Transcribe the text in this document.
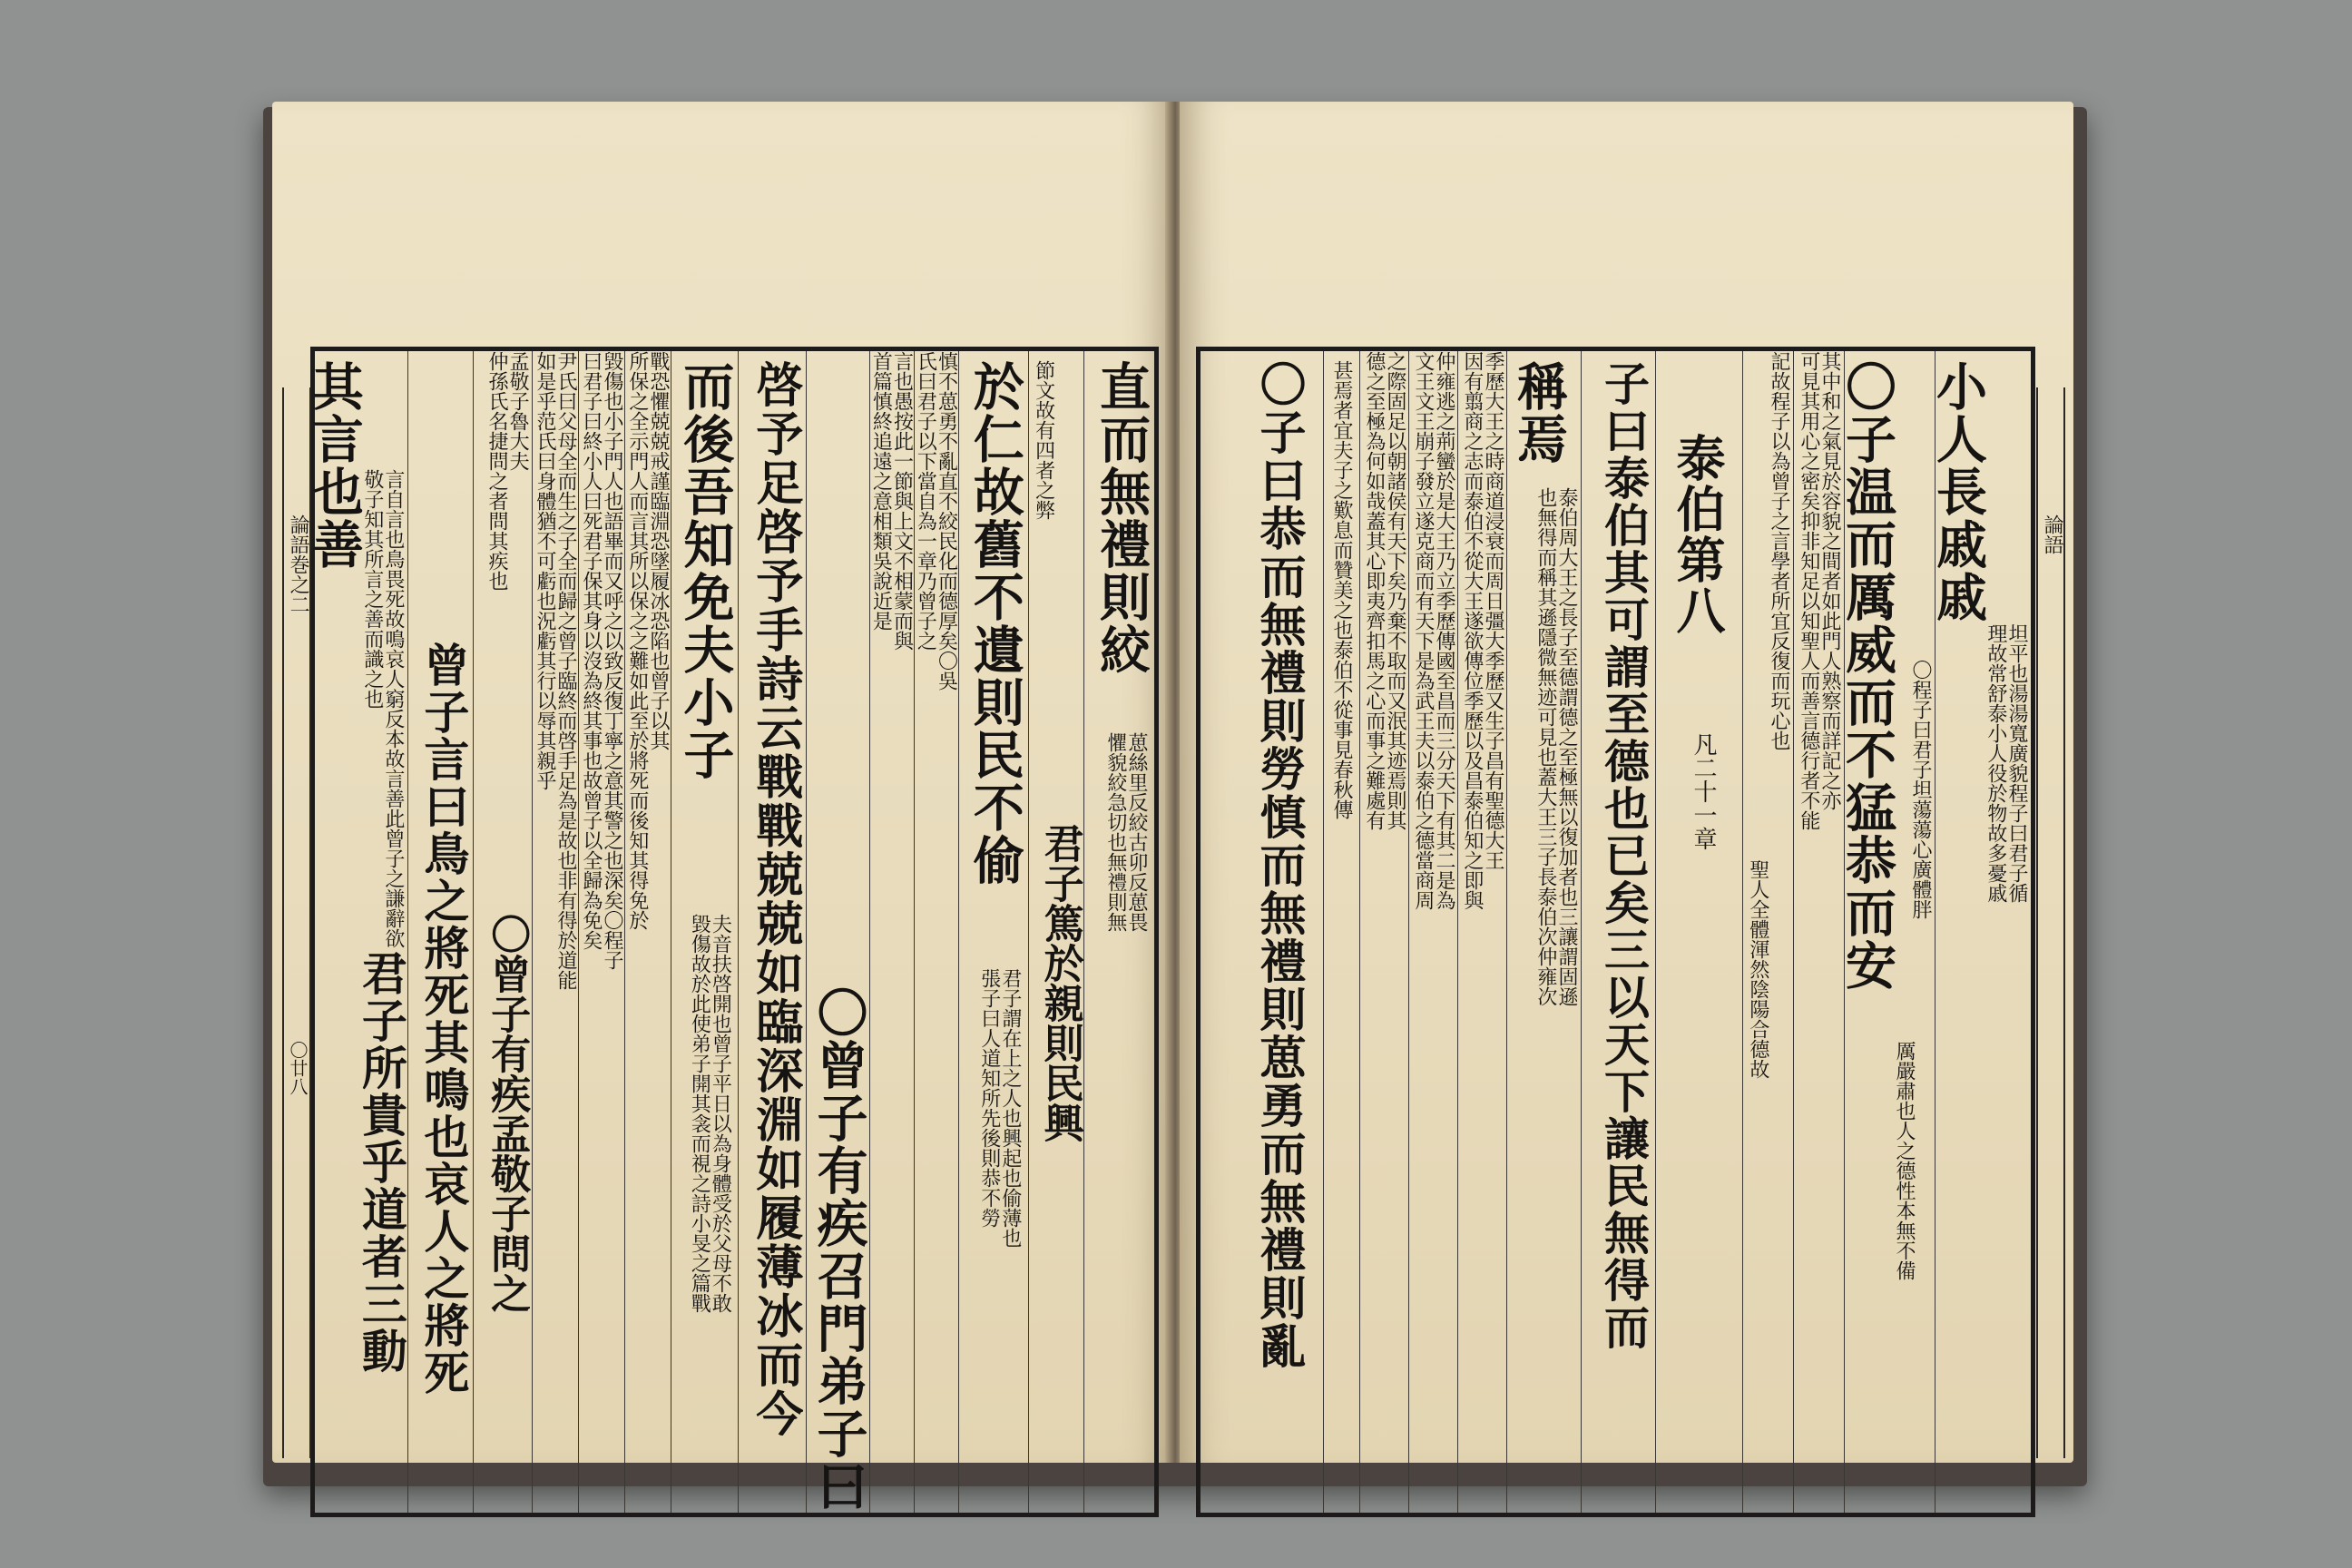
論語巻之二
〇廿八
直而無禮則絞
葸絲里反絞古卯反葸畏
懼貌絞急切也無禮則無
節文故有四者之弊
君子篤於親則民興
於仁故舊不遺則民不偷
君子謂在上之人也興起也偷薄也
張子曰人道知所先後則恭不勞
慎不葸勇不亂直不絞民化而德厚矣〇吳
氏曰君子以下當自為一章乃曾子之
言也愚按此一節與上文不相蒙而與
首篇慎終追遠之意相類吳說近是
〇曾子有疾召門弟子曰
啓予足啓予手詩云戰戰兢兢如臨深淵如履薄冰而今
而後吾知免夫小子
夫音扶啓開也曾子平日以為身體受於父母不敢
毀傷故於此使弟子開其衾而視之詩小旻之篇戰
戰恐懼兢兢戒謹臨淵恐墜履冰恐陷也曾子以其
所保之全示門人而言其所以保之之難如此至於將死而後知其得免於
毀傷也小子門人也語畢而又呼之以致反復丁寧之意其警之也深矣〇程子
曰君子曰終小人曰死君子保其身以沒為終其事也故曾子以全歸為免矣
尹氏曰父母全而生之子全而歸之曾子臨終而啓手足為是故也非有得於道能
如是乎范氏曰身體猶不可虧也況虧其行以辱其親乎
孟敬子魯大夫
仲孫氏名捷問之者問其疾也
〇曾子有疾孟敬子問之
曾子言曰鳥之將死其鳴也哀人之將死
其言也善
言自言也鳥畏死故鳴哀人窮反本故言善此曾子之謙辭欲
敬子知其所言之善而識之也
君子所貴乎道者三動
論語
小人長戚戚
坦平也湯湯寬廣貌程子曰君子循
理故常舒泰小人役於物故多憂戚
〇子温而厲威而不猛恭而安 〇程子曰君子坦蕩蕩心廣體胖
厲嚴肅也人之德性本無不備
其中和之氣見於容貌之間者如此門人熟察而詳記之亦
可見其用心之密矣抑非知足以知聖人而善言德行者不能
記故程子以為曾子之言學者所宜反復而玩心也
聖人全體渾然陰陽合德故
泰伯第八
凡二十一章
子曰泰伯其可謂至德也已矣三以天下讓民無得而
稱焉
泰伯周大王之長子至德謂德之至極無以復加者也三讓謂固遜
也無得而稱其遜隱微無迹可見也蓋大王三子長泰伯次仲雍次
季歷大王之時商道浸衰而周日彊大季歷又生子昌有聖德大王
因有翦商之志而泰伯不從大王遂欲傳位季歷以及昌泰伯知之即與
仲雍逃之荊蠻於是大王乃立季歷傳國至昌而三分天下有其二是為
文王文王崩子發立遂克商而有天下是為武王夫以泰伯之德當商周
之際固足以朝諸侯有天下矣乃棄不取而又泯其迹焉則其
德之至極為何如哉蓋其心即夷齊扣馬之心而事之難處有
甚焉者宜夫子之歎息而贊美之也泰伯不從事見春秋傳
〇子曰恭而無禮則勞慎而無禮則葸勇而無禮則亂
